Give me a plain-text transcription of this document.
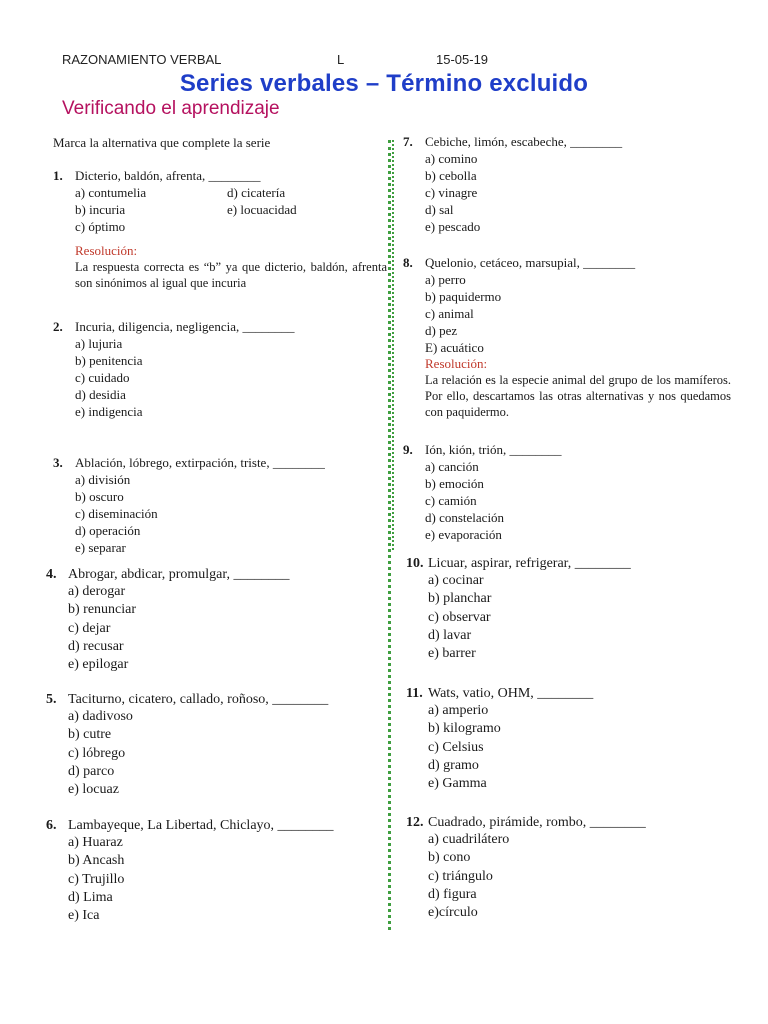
RAZONAMIENTO VERBAL	L	15-05-19
Series verbales – Término excluido
Verificando el aprendizaje
Marca la alternativa que complete la serie
1. Dicterio, baldón, afrenta, ________
a) contumelia	d) cicatería
b) incuria	e) locuacidad
c) óptimo
Resolución:
La respuesta correcta es “b” ya que dicterio, baldón, afrenta son sinónimos al igual que incuria
2. Incuria, diligencia, negligencia, ________
a) lujuria
b) penitencia
c) cuidado
d) desidia
e) indigencia
3. Ablación, lóbrego, extirpación, triste, ________
a) división
b) oscuro
c) diseminación
d) operación
e) separar
4. Abrogar, abdicar, promulgar, ________
a) derogar
b) renunciar
c) dejar
d) recusar
e) epilogar
5. Taciturno, cicatero, callado, roñoso, ________
a) dadivoso
b) cutre
c) lóbrego
d) parco
e) locuaz
6. Lambayeque, La Libertad, Chiclayo, ________
a) Huaraz
b) Ancash
c) Trujillo
d) Lima
e) Ica
7. Cebiche, limón, escabeche, ________
a) comino
b) cebolla
c) vinagre
d) sal
e) pescado
8. Quelonio, cetáceo, marsupial, ________
a) perro
b) paquidermo
c) animal
d) pez
E) acuático
Resolución:
La relación es la especie animal del grupo de los mamíferos. Por ello, descartamos las otras alternativas y nos quedamos con paquidermo.
9. Ión, kión, trión, ________
a) canción
b) emoción
c) camión
d) constelación
e) evaporación
10. Licuar, aspirar, refrigerar, ________
a) cocinar
b) planchar
c) observar
d) lavar
e) barrer
11. Wats, vatio, OHM, ________
a) amperio
b) kilogramo
c) Celsius
d) gramo
e) Gamma
12. Cuadrado, pirámide, rombo, ________
a) cuadrilátero
b) cono
c) triángulo
d) figura
e)círculo
